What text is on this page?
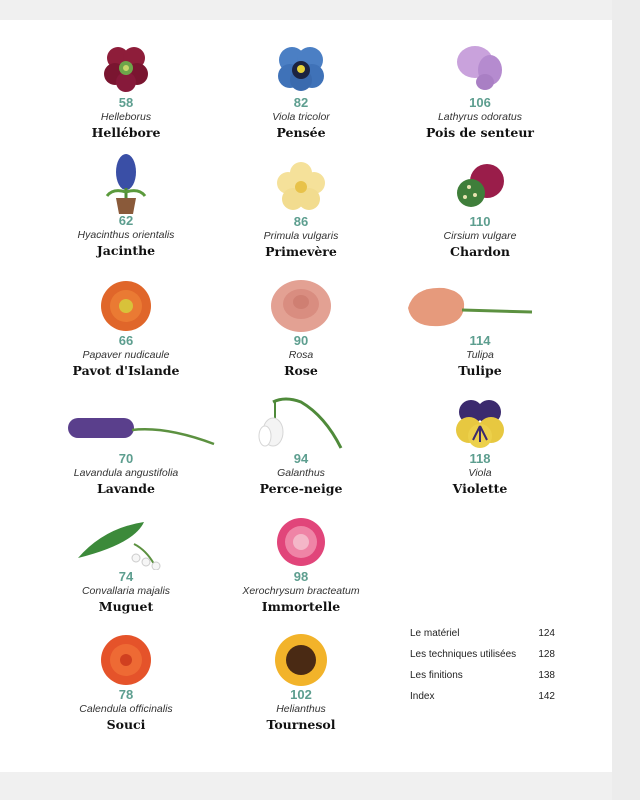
58
Helleborus
Hellébore
82
Viola tricolor
Pensée
106
Lathyrus odoratus
Pois de senteur
62
Hyacinthus orientalis
Jacinthe
86
Primula vulgaris
Primevère
110
Cirsium vulgare
Chardon
66
Papaver nudicaule
Pavot d'Islande
90
Rosa
Rose
114
Tulipa
Tulipe
70
Lavandula angustifolia
Lavande
94
Galanthus
Perce-neige
118
Viola
Violette
74
Convallaria majalis
Muguet
98
Xerochrysum bracteatum
Immortelle
78
Calendula officinalis
Souci
102
Helianthus
Tournesol
Le matériel	124
Les techniques utilisées 128
Les finitions	138
Index	142
